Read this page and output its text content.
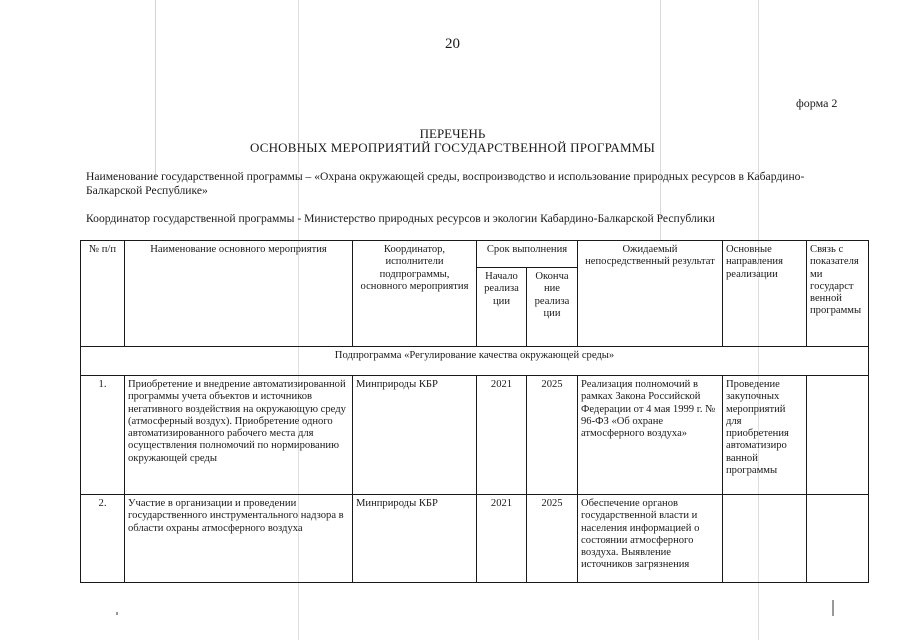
20
форма 2
ПЕРЕЧЕНЬ
ОСНОВНЫХ МЕРОПРИЯТИЙ ГОСУДАРСТВЕННОЙ ПРОГРАММЫ
Наименование государственной программы – «Охрана окружающей среды, воспроизводство и использование природных ресурсов в Кабардино-Балкарской Республике»
Координатор государственной программы - Министерство природных ресурсов и экологии Кабардино-Балкарской Республики
№ п/п	Наименование основного мероприятия	Координатор, исполнители подпрограммы, основного мероприятия	Срок выполнения		Ожидаемый непосредственный результат	Основные направления реализации	Связь с показателя ми государст венной программы
			Начало реализа ции	Оконча ние реализа ции			
Подпрограмма «Регулирование качества окружающей среды»							
1.	Приобретение и внедрение автоматизированной программы учета объектов и источников негативного воздействия на окружающую среду (атмосферный воздух). Приобретение одного автоматизированного рабочего места для осуществления полномочий по нормированию окружающей среды	Минприроды КБР	2021	2025	Реализация полномочий в рамках Закона Российской Федерации от 4 мая 1999 г. № 96-ФЗ «Об охране атмосферного воздуха»	Проведение закупочных мероприятий для приобретения автоматизиро ванной программы	
2.	Участие в организации и проведении государственного инструментального надзора в области охраны атмосферного воздуха	Минприроды КБР	2021	2025	Обеспечение органов государственной власти и населения информацией о состоянии атмосферного воздуха. Выявление источников загрязнения		
